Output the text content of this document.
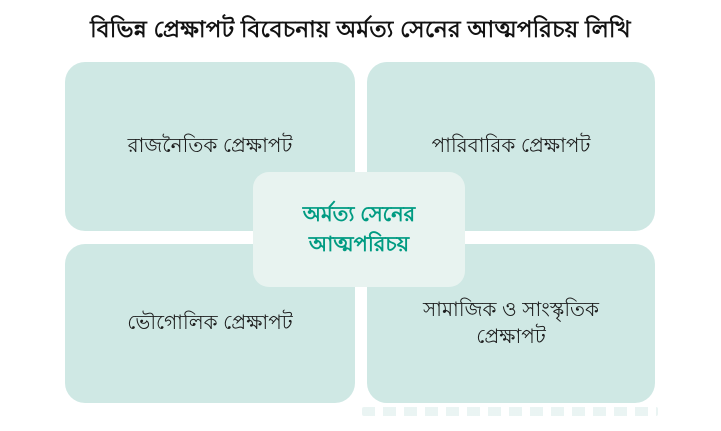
বিভিন্ন প্রেক্ষাপট বিবেচনায় অর্মত্য সেনের আত্মপরিচয় লিখি
রাজনৈতিক প্রেক্ষাপট	পারিবারিক প্রেক্ষাপট
ভৌগোলিক প্রেক্ষাপট
সামাজিক ও সাংস্কৃতিক প্রেক্ষাপট
অর্মত্য সেনের
আত্মপরিচয়
